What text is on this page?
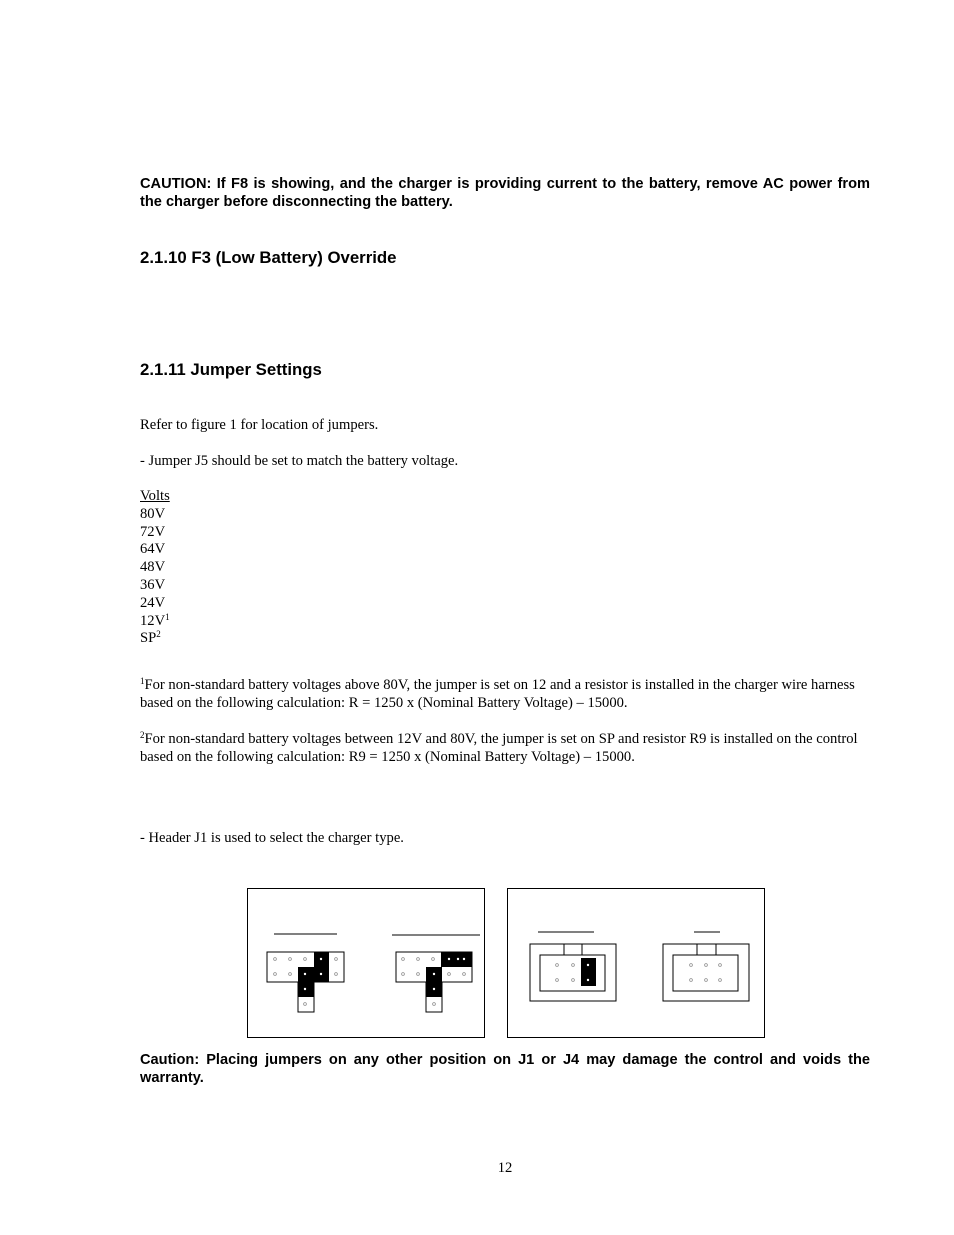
CAUTION: If F8 is showing, and the charger is providing current to the battery, remove AC power from the charger before disconnecting the battery.
2.1.10 F3 (Low Battery) Override
2.1.11 Jumper Settings
Refer to figure 1 for location of jumpers.
- Jumper J5 should be set to match the battery voltage.
Volts
80V
72V
64V
48V
36V
24V
$12V^1$
$SP^2$
$^1$For non-standard battery voltages above 80V, the jumper is set on 12 and a resistor is installed in the charger wire harness based on the following calculation: R = 1250 x (Nominal Battery Voltage) – 15000.
$^2$For non-standard battery voltages between 12V and 80V, the jumper is set on SP and resistor R9 is installed on the control based on the following calculation: R9 = 1250 x (Nominal Battery Voltage) – 15000.
- Header J1 is used to select the charger type.
Caution: Placing jumpers on any other position on J1 or J4 may damage the control and voids the warranty.
12
